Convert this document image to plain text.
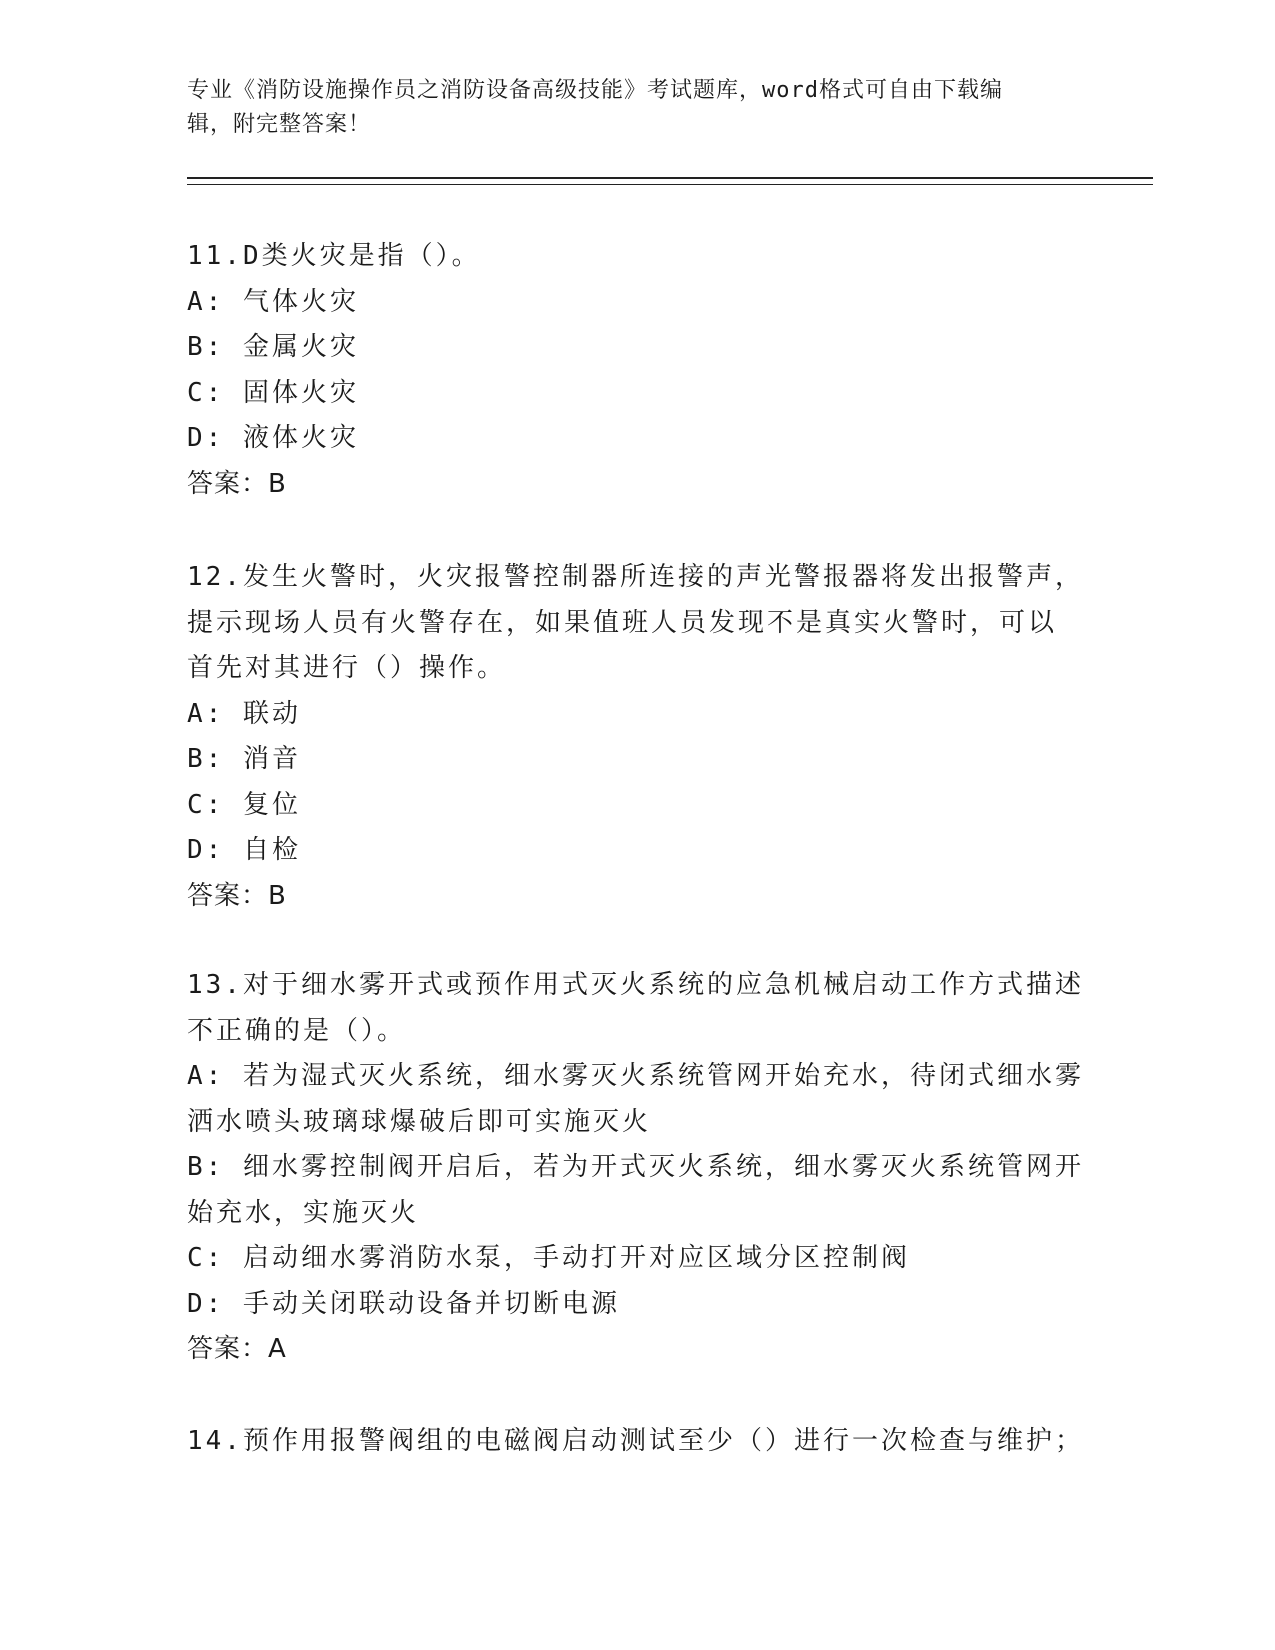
专业《消防设施操作员之消防设备高级技能》考试题库，word格式可自由下载编
辑，附完整答案！
11.D类火灾是指（）。
A: 气体火灾
B: 金属火灾
C: 固体火灾
D: 液体火灾
答案：B
12.发生火警时，火灾报警控制器所连接的声光警报器将发出报警声，
提示现场人员有火警存在，如果值班人员发现不是真实火警时，可以
首先对其进行（）操作。
A: 联动
B: 消音
C: 复位
D: 自检
答案：B
13.对于细水雾开式或预作用式灭火系统的应急机械启动工作方式描述
不正确的是（）。
A: 若为湿式灭火系统，细水雾灭火系统管网开始充水，待闭式细水雾
洒水喷头玻璃球爆破后即可实施灭火
B: 细水雾控制阀开启后，若为开式灭火系统，细水雾灭火系统管网开
始充水，实施灭火
C: 启动细水雾消防水泵，手动打开对应区域分区控制阀
D: 手动关闭联动设备并切断电源
答案：A
14.预作用报警阀组的电磁阀启动测试至少（）进行一次检查与维护；
